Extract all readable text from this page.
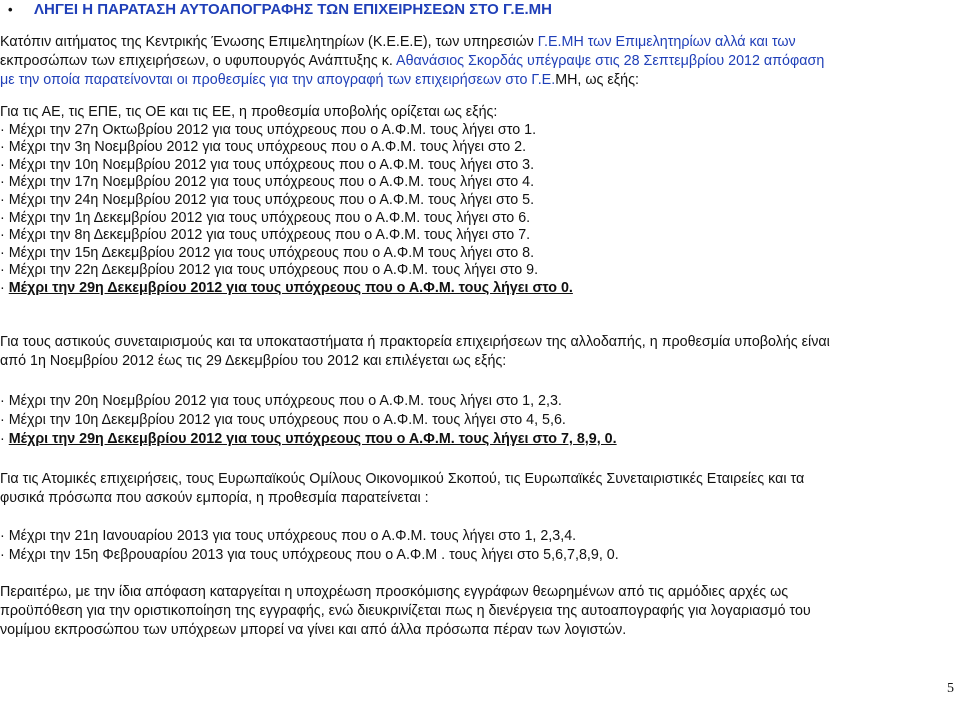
• ΛΗΓΕΙ Η ΠΑΡΑΤΑΣΗ ΑΥΤΟΑΠΟΓΡΑΦΗΣ ΤΩΝ ΕΠΙΧΕΙΡΗΣΕΩΝ ΣΤΟ Γ.Ε.ΜΗ
Κατόπιν αιτήματος της Κεντρικής Ένωσης Επιμελητηρίων (Κ.Ε.Ε.Ε), των υπηρεσιών Γ.Ε.ΜΗ των Επιμελητηρίων αλλά και των
εκπροσώπων των επιχειρήσεων, ο υφυπουργός Ανάπτυξης κ. Αθανάσιος Σκορδάς υπέγραψε στις 28 Σεπτεμβρίου 2012 απόφαση
με την οποία παρατείνονται οι προθεσμίες για την απογραφή των επιχειρήσεων στο Γ.Ε.ΜΗ, ως εξής:
Για τις ΑΕ, τις ΕΠΕ, τις ΟΕ και τις ΕΕ, η προθεσμία υποβολής ορίζεται ως εξής:
· Μέχρι την 27η Οκτωβρίου 2012 για τους υπόχρεους που ο Α.Φ.Μ. τους λήγει στο 1.
· Μέχρι την 3η Νοεμβρίου 2012 για τους υπόχρεους που ο Α.Φ.Μ. τους λήγει στο 2.
· Μέχρι την 10η Νοεμβρίου 2012 για τους υπόχρεους που ο Α.Φ.Μ. τους λήγει στο 3.
· Μέχρι την 17η Νοεμβρίου 2012 για τους υπόχρεους που ο Α.Φ.Μ. τους λήγει στο 4.
· Μέχρι την 24η Νοεμβρίου 2012 για τους υπόχρεους που ο Α.Φ.Μ. τους λήγει στο 5.
· Μέχρι την 1η Δεκεμβρίου 2012 για τους υπόχρεους που ο Α.Φ.Μ. τους λήγει στο 6.
· Μέχρι την 8η Δεκεμβρίου 2012 για τους υπόχρεους που ο Α.Φ.Μ. τους λήγει στο 7.
· Μέχρι την 15η Δεκεμβρίου 2012 για τους υπόχρεους που ο Α.Φ.Μ τους λήγει στο 8.
· Μέχρι την 22η Δεκεμβρίου 2012 για τους υπόχρεους που ο Α.Φ.Μ. τους λήγει στο 9.
· Μέχρι την 29η Δεκεμβρίου 2012 για τους υπόχρεους που ο Α.Φ.Μ. τους λήγει στο 0.
Για τους αστικούς συνεταιρισμούς και τα υποκαταστήματα ή πρακτορεία επιχειρήσεων της αλλοδαπής, η προθεσμία υποβολής είναι
από 1η Νοεμβρίου 2012 έως τις 29 Δεκεμβρίου του 2012 και επιλέγεται ως εξής:
· Μέχρι την 20η Νοεμβρίου 2012 για τους υπόχρεους που ο Α.Φ.Μ. τους λήγει στο 1, 2,3.
· Μέχρι την 10η Δεκεμβρίου 2012 για τους υπόχρεους που ο Α.Φ.Μ. τους λήγει στο 4, 5,6.
· Μέχρι την 29η Δεκεμβρίου 2012 για τους υπόχρεους που ο Α.Φ.Μ. τους λήγει στο 7, 8,9, 0.
Για τις Ατομικές επιχειρήσεις, τους Ευρωπαϊκούς Ομίλους Οικονομικού Σκοπού, τις Ευρωπαϊκές Συνεταιριστικές Εταιρείες και τα
φυσικά πρόσωπα που ασκούν εμπορία, η προθεσμία παρατείνεται :
· Μέχρι την 21η Ιανουαρίου 2013 για τους υπόχρεους που ο Α.Φ.Μ. τους λήγει στο 1, 2,3,4.
· Μέχρι την 15η Φεβρουαρίου 2013 για τους υπόχρεους που ο Α.Φ.Μ . τους λήγει στο 5,6,7,8,9, 0.
Περαιτέρω, με την ίδια απόφαση καταργείται η υποχρέωση προσκόμισης εγγράφων θεωρημένων από τις αρμόδιες αρχές ως
προϋπόθεση για την οριστικοποίηση της εγγραφής, ενώ διευκρινίζεται πως η διενέργεια της αυτοαπογραφής για λογαριασμό του
νομίμου εκπροσώπου των υπόχρεων μπορεί να γίνει και από άλλα πρόσωπα πέραν των λογιστών.
5
